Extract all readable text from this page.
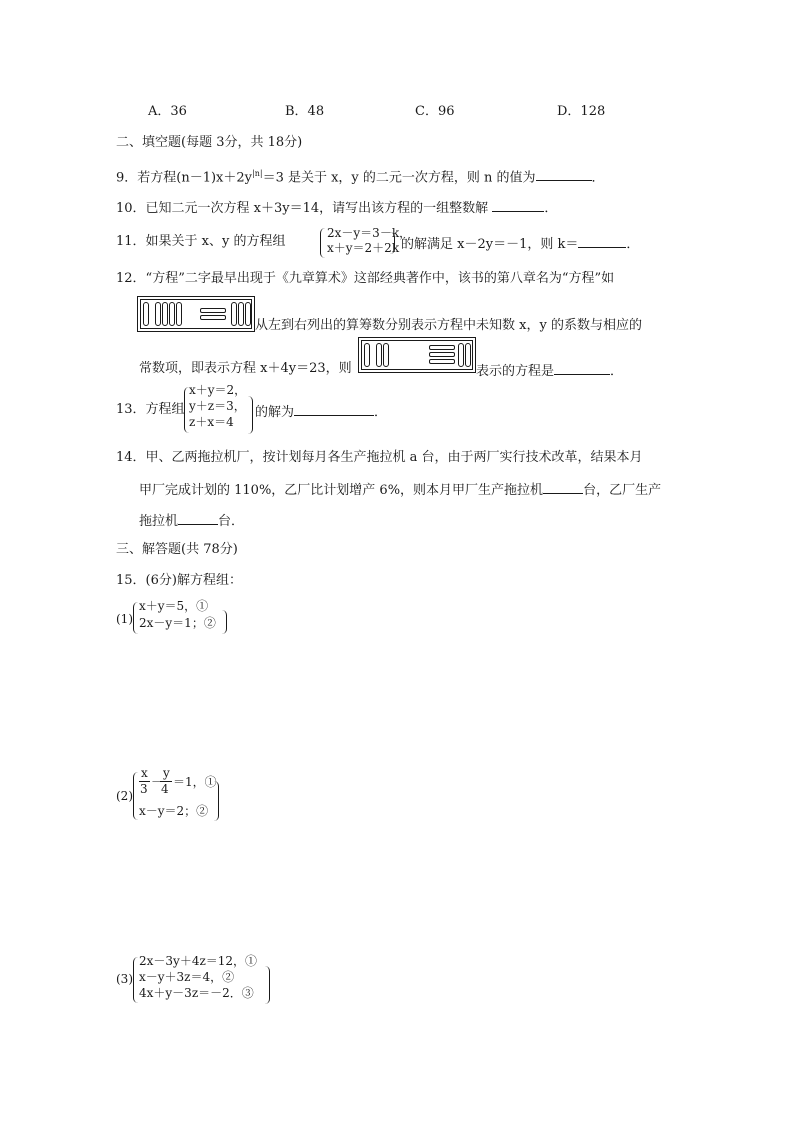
A．36	B．48	C．96	D．128
二、填空题(每题 3分，共 18分)
9．若方程$(n-1)x+2y^{|n|}=3$ 是关于 x，y 的二元一次方程，则 n 的值为	．
10．已知二元一次方程 x＋3y＝14，请写出该方程的一组整数解	．
11．如果关于 x、y 的方程组
2x－y＝3－k，
x＋y＝2＋2k 的解满足 x－2y＝－1，则 k＝	．
12．“方程”二字最早出现于《九章算术》这部经典著作中，该书的第八章名为“方程”如
从左到右列出的算筹数分别表示方程中未知数 x，y 的系数与相应的
常数项，即表示方程 x＋4y＝23，则	表示的方程是	．
13．方程组
x＋y＝2，
y＋z＝3，
z＋x＝4
的解为	．
14．甲、乙两拖拉机厂，按计划每月各生产拖拉机 a 台，由于两厂实行技术改革，结果本月
甲厂完成计划的 110%，乙厂比计划增产 6%，则本月甲厂生产拖拉机	台，乙厂生产
拖拉机	台．
三、解答题(共 78分)
15．(6分)解方程组：
(1)
x＋y＝5，①
2x－y＝1；②
(2)
x
3 －
y
4 ＝1，①
x－y＝2；②
(3)
2x－3y＋4z＝12，①
x－y＋3z＝4，②
4x＋y－3z＝－2．③
